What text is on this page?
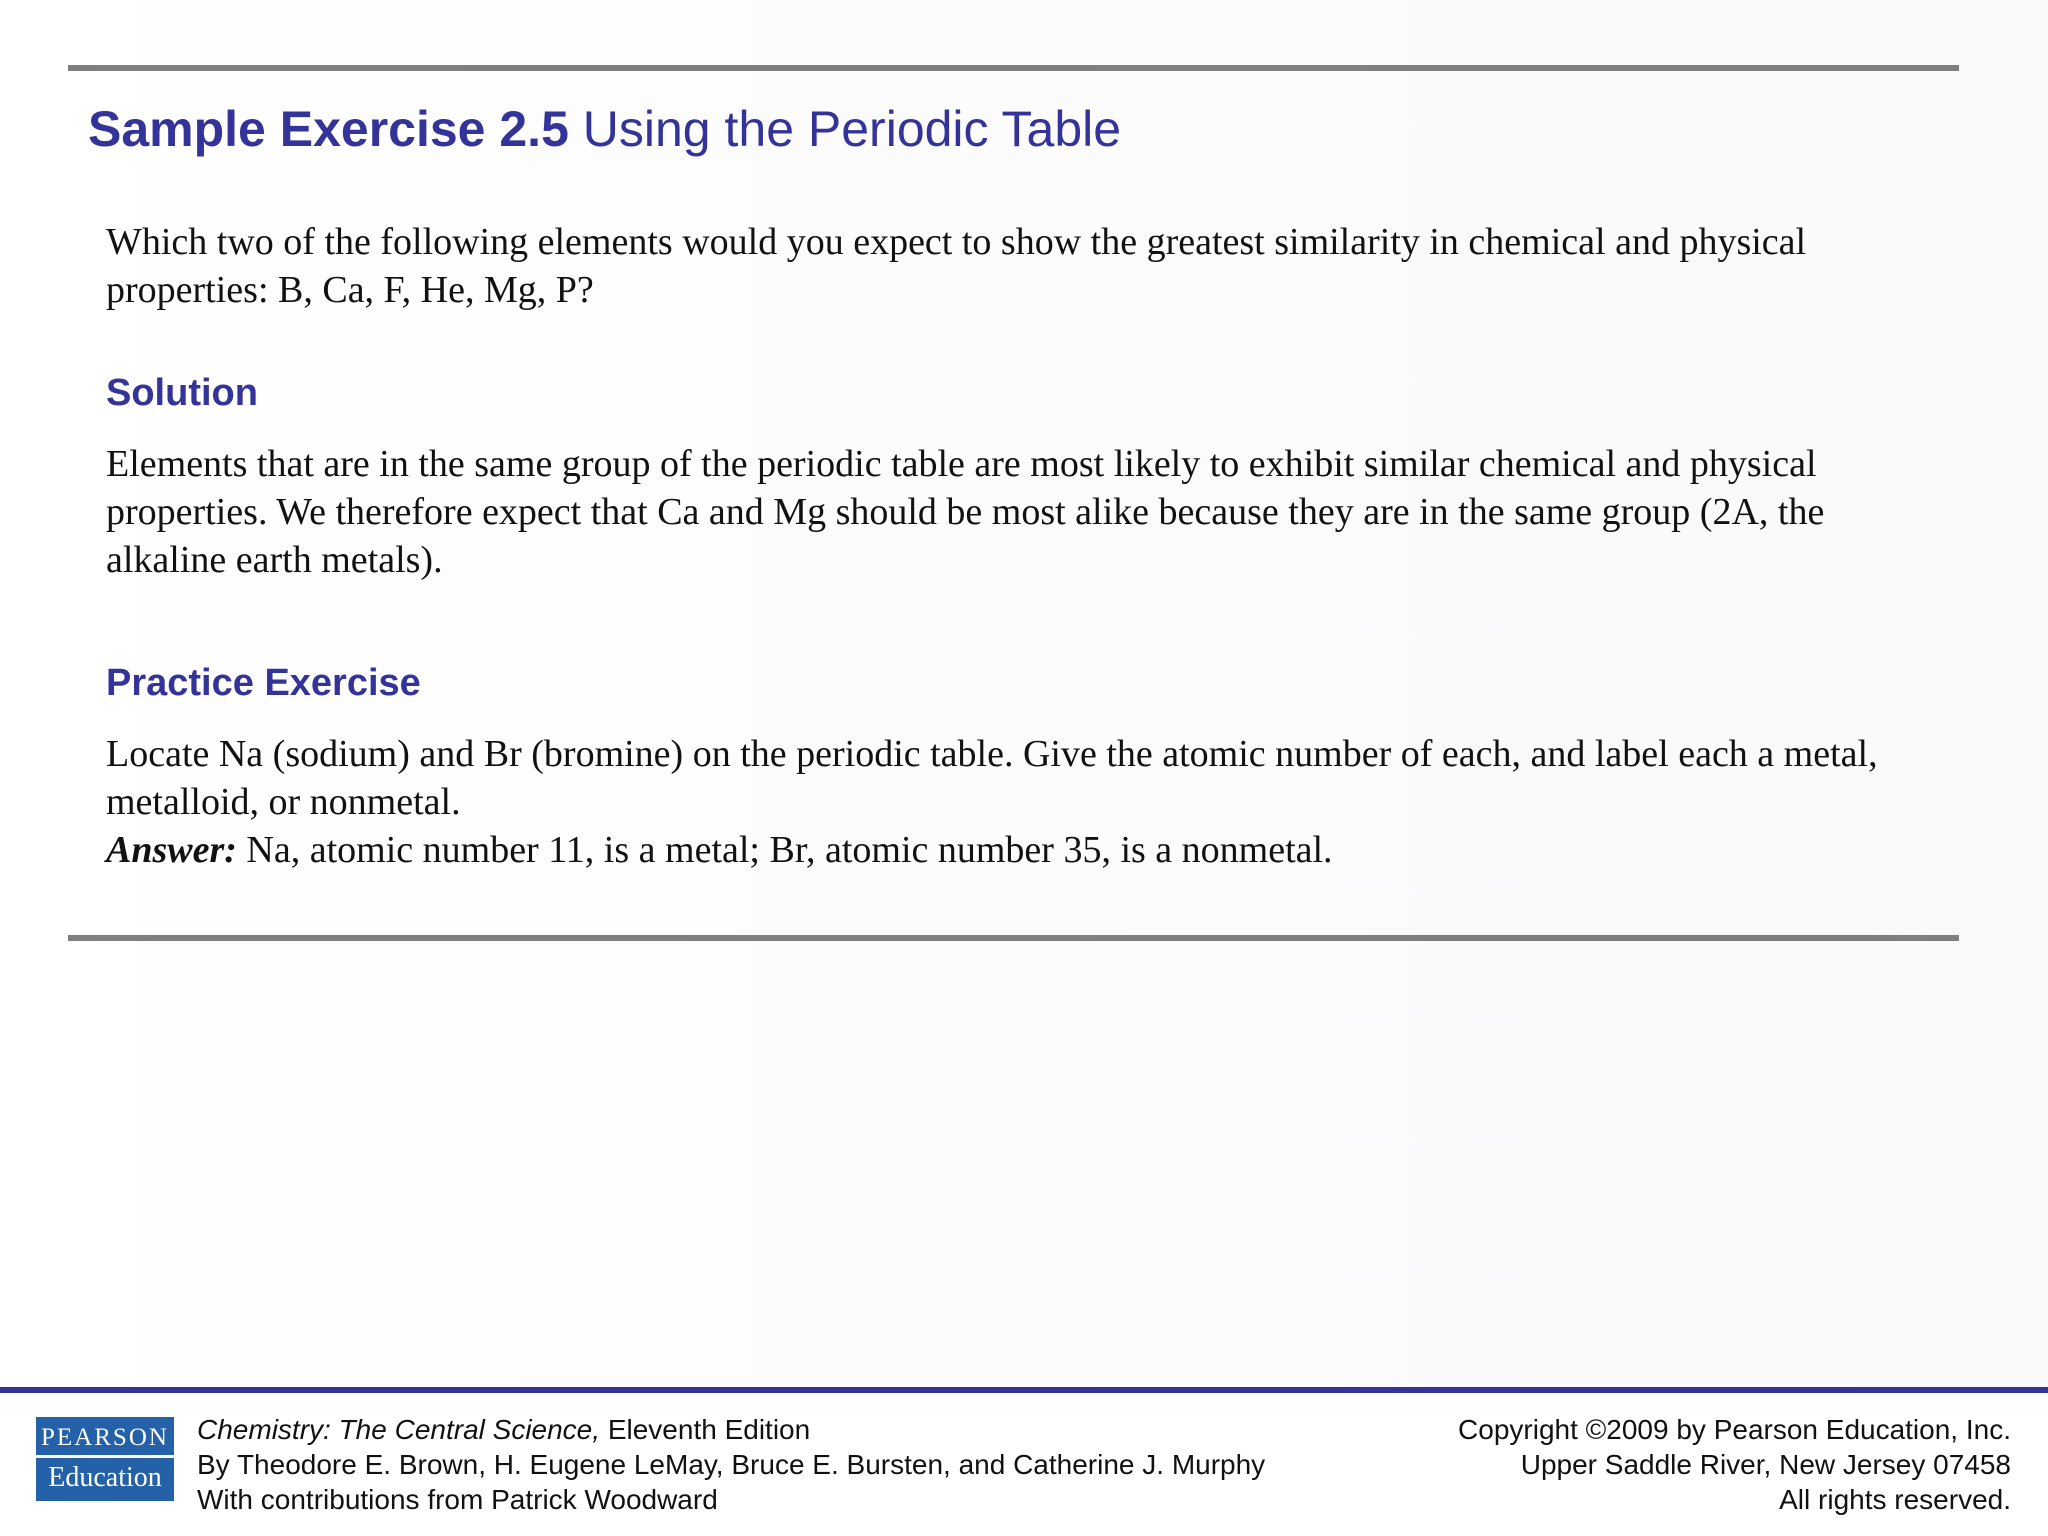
Sample Exercise 2.5 Using the Periodic Table
Which two of the following elements would you expect to show the greatest similarity in chemical and physical properties: B, Ca, F, He, Mg, P?
Solution
Elements that are in the same group of the periodic table are most likely to exhibit similar chemical and physical properties. We therefore expect that Ca and Mg should be most alike because they are in the same group (2A, the alkaline earth metals).
Practice Exercise
Locate Na (sodium) and Br (bromine) on the periodic table. Give the atomic number of each, and label each a metal, metalloid, or nonmetal.
Answer: Na, atomic number 11, is a metal; Br, atomic number 35, is a nonmetal.
PEARSON
Education
Chemistry: The Central Science, Eleventh Edition
By Theodore E. Brown, H. Eugene LeMay, Bruce E. Bursten, and Catherine J. Murphy
With contributions from Patrick Woodward
Copyright ©2009 by Pearson Education, Inc.
Upper Saddle River, New Jersey 07458
All rights reserved.
